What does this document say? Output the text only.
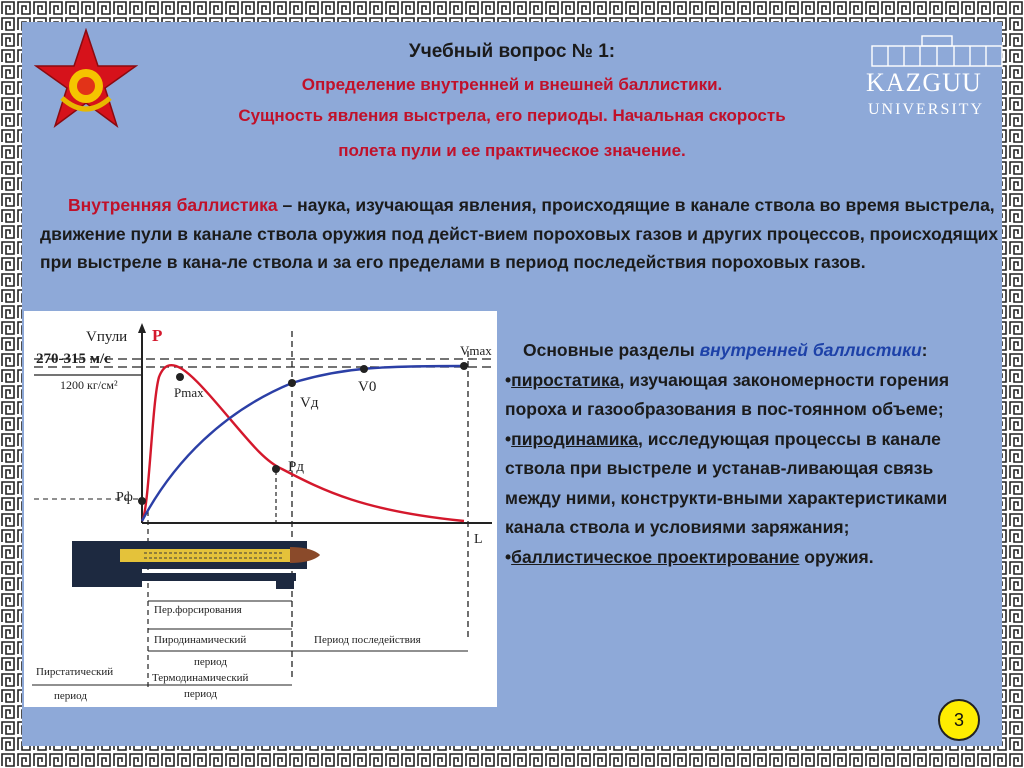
KAZGUU
UNIVERSITY
Учебный вопрос № 1:
Определение внутренней и внешней баллистики.
Сущность явления выстрела, его периоды. Начальная скорость
полета пули и ее практическое значение.
Внутренняя баллистика – наука, изучающая явления, происходящие в канале ствола во время выстрела, движение пули в канале ствола оружия под дейст-вием пороховых газов и других процессов, происходящих при выстреле в кана-ле ствола и за его пределами в период последействия пороховых газов.
Основные разделы внутренней баллистики:
•пиростатика, изучающая закономерности горения пороха и газообразования в пос-тоянном объеме;
•пиродинамика, исследующая процессы в канале ствола при выстреле и устанав-ливающая связь между ними, конструкти-вными характеристиками канала ствола и условиями заряжания;
•баллистическое проектирование оружия.
Vпули P
270-315 м/с
1200 кг/см²	Pmax
Vд
V0
Vmax
Pд
Pф
L
Пер.форсирования
Пиродинамический
период
Период последействия
Пирстатический
период
Термодинамический
период
3
